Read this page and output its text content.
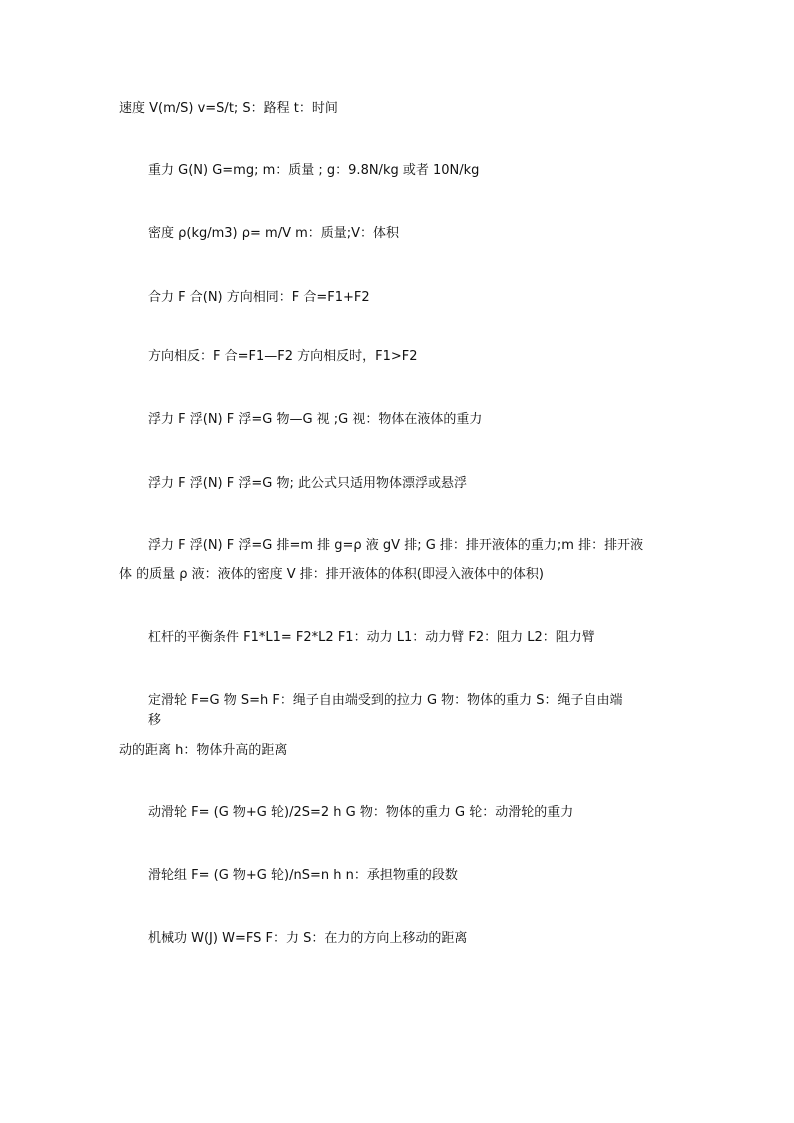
速度 V(m/S) v=S/t; S：路程 t：时间
重力 G(N) G=mg; m：质量 ; g：9.8N/kg 或者 10N/kg
密度 ρ(kg/m3) ρ= m/V m：质量;V：体积
合力 F 合(N) 方向相同：F 合=F1+F2
方向相反：F 合=F1—F2 方向相反时，F1>F2
浮力 F 浮(N) F 浮=G 物—G 视 ;G 视：物体在液体的重力
浮力 F 浮(N) F 浮=G 物; 此公式只适用物体漂浮或悬浮
浮力 F 浮(N) F 浮=G 排=m 排 g=ρ 液 gV 排; G 排：排开液体的重力;m 排：排开液
体 的质量 ρ 液：液体的密度 V 排：排开液体的体积(即浸入液体中的体积)
杠杆的平衡条件 F1*L1= F2*L2 F1：动力 L1：动力臂 F2：阻力 L2：阻力臂
定滑轮 F=G 物 S=h F：绳子自由端受到的拉力 G 物：物体的重力 S：绳子自由端
移
动的距离 h：物体升高的距离
动滑轮 F= (G 物+G 轮)/2S=2 h G 物：物体的重力 G 轮：动滑轮的重力
滑轮组 F= (G 物+G 轮)/nS=n h n：承担物重的段数
机械功 W(J) W=FS F：力 S：在力的方向上移动的距离
